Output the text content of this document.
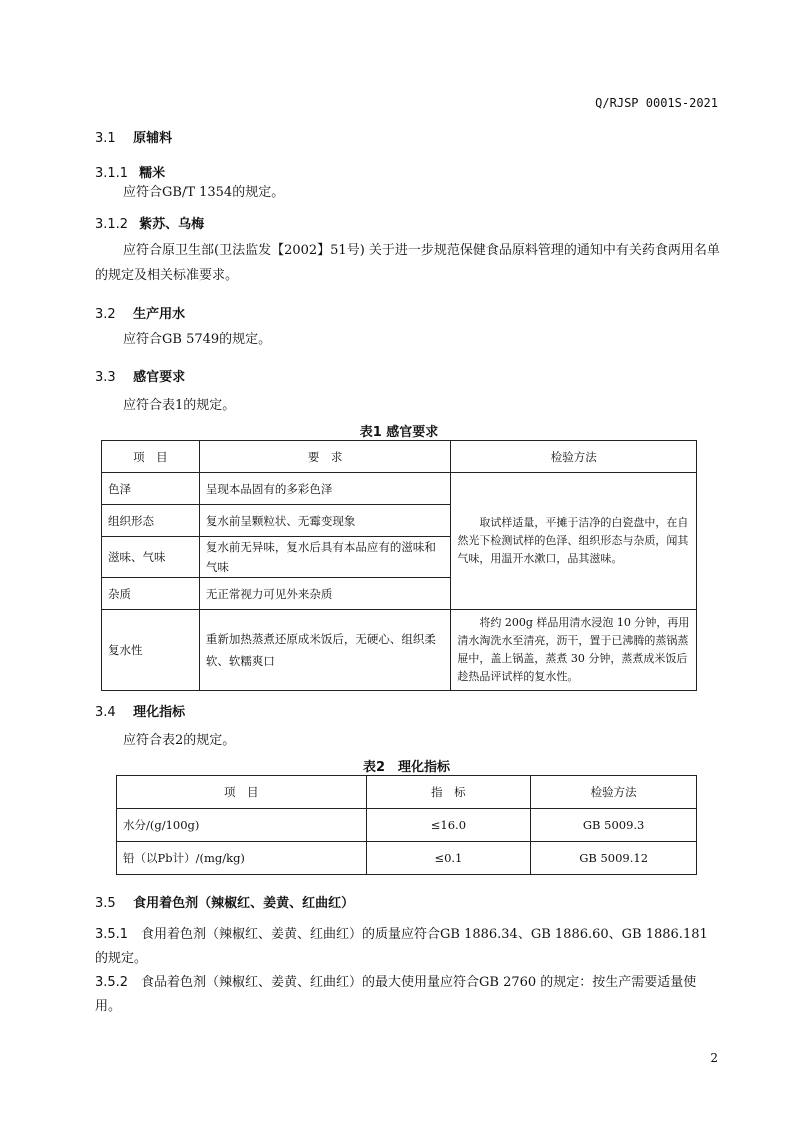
Q/RJSP 0001S-2021
3.1 原辅料
3.1.1 糯米
应符合GB/T 1354的规定。
3.1.2 紫苏、乌梅
应符合原卫生部(卫法监发【2002】51号) 关于进一步规范保健食品原料管理的通知中有关药食两用名单的规定及相关标准要求。
3.2 生产用水
应符合GB 5749的规定。
3.3 感官要求
应符合表1的规定。
表1 感官要求
项　目	要　求	检验方法
色泽	呈现本品固有的多彩色泽	取试样适量，平摊于洁净的白瓷盘中，在自然光下检测试样的色泽、组织形态与杂质，闻其气味，用温开水漱口，品其滋味。
组织形态	复水前呈颗粒状、无霉变现象	
滋味、气味	复水前无异味，复水后具有本品应有的滋味和气味	
杂质	无正常视力可见外来杂质	
复水性	重新加热蒸煮还原成米饭后，无硬心、组织柔软、软糯爽口	将约 200g 样品用清水浸泡 10 分钟，再用清水淘洗水至清亮，沥干，置于已沸腾的蒸锅蒸屉中，盖上锅盖，蒸煮 30 分钟，蒸煮成米饭后趁热品评试样的复水性。
3.4 理化指标
应符合表2的规定。
表2　理化指标
项　目	指　标	检验方法
水分/(g/100g)	≤16.0	GB 5009.3
铅（以Pb计）/(mg/kg)	≤0.1	GB 5009.12
3.5 食用着色剂（辣椒红、姜黄、红曲红）
3.5.1 食用着色剂（辣椒红、姜黄、红曲红）的质量应符合GB 1886.34、GB 1886.60、GB 1886.181的规定。
3.5.2 食品着色剂（辣椒红、姜黄、红曲红）的最大使用量应符合GB 2760 的规定：按生产需要适量使用。
2
